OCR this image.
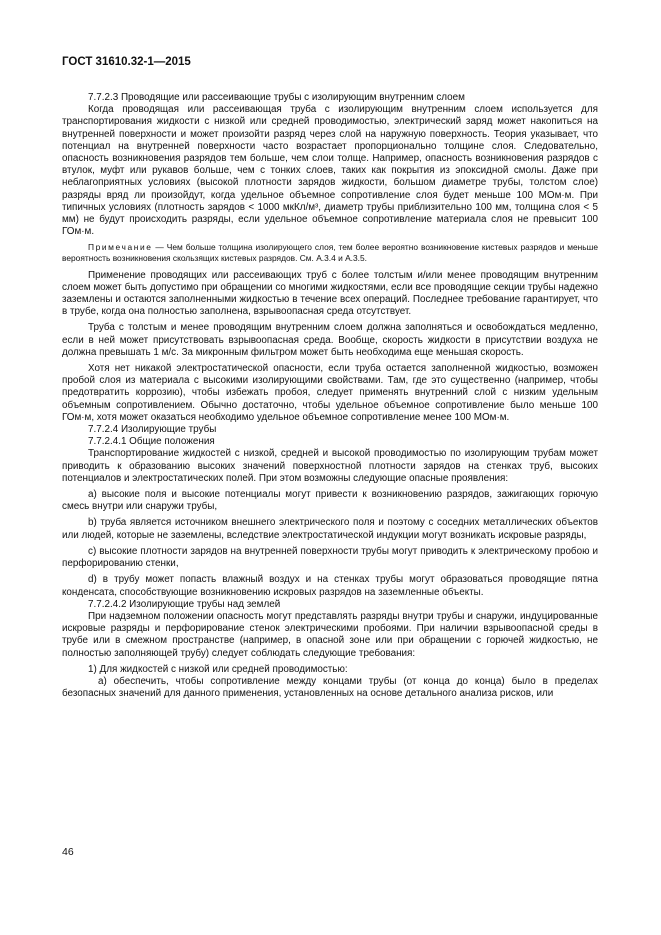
ГОСТ 31610.32-1—2015

7.7.2.3 Проводящие или рассеивающие трубы с изолирующим внутренним слоем

Когда проводящая или рассеивающая труба с изолирующим внутренним слоем используется для транспортирования жидкости с низкой или средней проводимостью, электрический заряд может накопиться на внутренней поверхности и может произойти разряд через слой на наружную поверхность. Теория указывает, что потенциал на внутренней поверхности часто возрастает пропорционально толщине слоя. Следовательно, опасность возникновения разрядов тем больше, чем слои толще. Например, опасность возникновения разрядов с втулок, муфт или рукавов больше, чем с тонких слоев, таких как покрытия из эпоксидной смолы. Даже при неблагоприятных условиях (высокой плотности зарядов жидкости, большом диаметре трубы, толстом слое) разряды вряд ли произойдут, когда удельное объемное сопротивление слоя будет меньше 100 МОм·м. При типичных условиях (плотность зарядов < 1000 мкКл/м³, диаметр трубы приблизительно 100 мм, толщина слоя < 5 мм) не будут происходить разряды, если удельное объемное сопротивление материала слоя не превысит 100 ГОм·м.

Примечание — Чем больше толщина изолирующего слоя, тем более вероятно возникновение кистевых разрядов и меньше вероятность возникновения скользящих кистевых разрядов. См. А.3.4 и А.3.5.

Применение проводящих или рассеивающих труб с более толстым и/или менее проводящим внутренним слоем может быть допустимо при обращении со многими жидкостями, если все проводящие секции трубы надежно заземлены и остаются заполненными жидкостью в течение всех операций. Последнее требование гарантирует, что в трубе, когда она полностью заполнена, взрывоопасная среда отсутствует.

Труба с толстым и менее проводящим внутренним слоем должна заполняться и освобождаться медленно, если в ней может присутствовать взрывоопасная среда. Вообще, скорость жидкости в присутствии воздуха не должна превышать 1 м/с. За микронным фильтром может быть необходима еще меньшая скорость.

Хотя нет никакой электростатической опасности, если труба остается заполненной жидкостью, возможен пробой слоя из материала с высокими изолирующими свойствами. Там, где это существенно (например, чтобы предотвратить коррозию), чтобы избежать пробоя, следует применять внутренний слой с низким удельным объемным сопротивлением. Обычно достаточно, чтобы удельное объемное сопротивление было меньше 100 ГОм·м, хотя может оказаться необходимо удельное объемное сопротивление менее 100 МОм·м.

7.7.2.4 Изолирующие трубы

7.7.2.4.1 Общие положения

Транспортирование жидкостей с низкой, средней и высокой проводимостью по изолирующим трубам может приводить к образованию высоких значений поверхностной плотности зарядов на стенках труб, высоких потенциалов и электростатических полей. При этом возможны следующие опасные проявления:

а) высокие поля и высокие потенциалы могут привести к возникновению разрядов, зажигающих горючую смесь внутри или снаружи трубы,

b) труба является источником внешнего электрического поля и поэтому с соседних металлических объектов или людей, которые не заземлены, вследствие электростатической индукции могут возникать искровые разряды,

c) высокие плотности зарядов на внутренней поверхности трубы могут приводить к электрическому пробою и перфорированию стенки,

d) в трубу может попасть влажный воздух и на стенках трубы могут образоваться проводящие пятна конденсата, способствующие возникновению искровых разрядов на заземленные объекты.

7.7.2.4.2 Изолирующие трубы над землей

При надземном положении опасность могут представлять разряды внутри трубы и снаружи, индуцированные искровые разряды и перфорирование стенок электрическими пробоями. При наличии взрывоопасной среды в трубе или в смежном пространстве (например, в опасной зоне или при обращении с горючей жидкостью, не полностью заполняющей трубу) следует соблюдать следующие требования:

1) Для жидкостей с низкой или средней проводимостью:

а) обеспечить, чтобы сопротивление между концами трубы (от конца до конца) было в пределах безопасных значений для данного применения, установленных на основе детального анализа рисков, или

46
